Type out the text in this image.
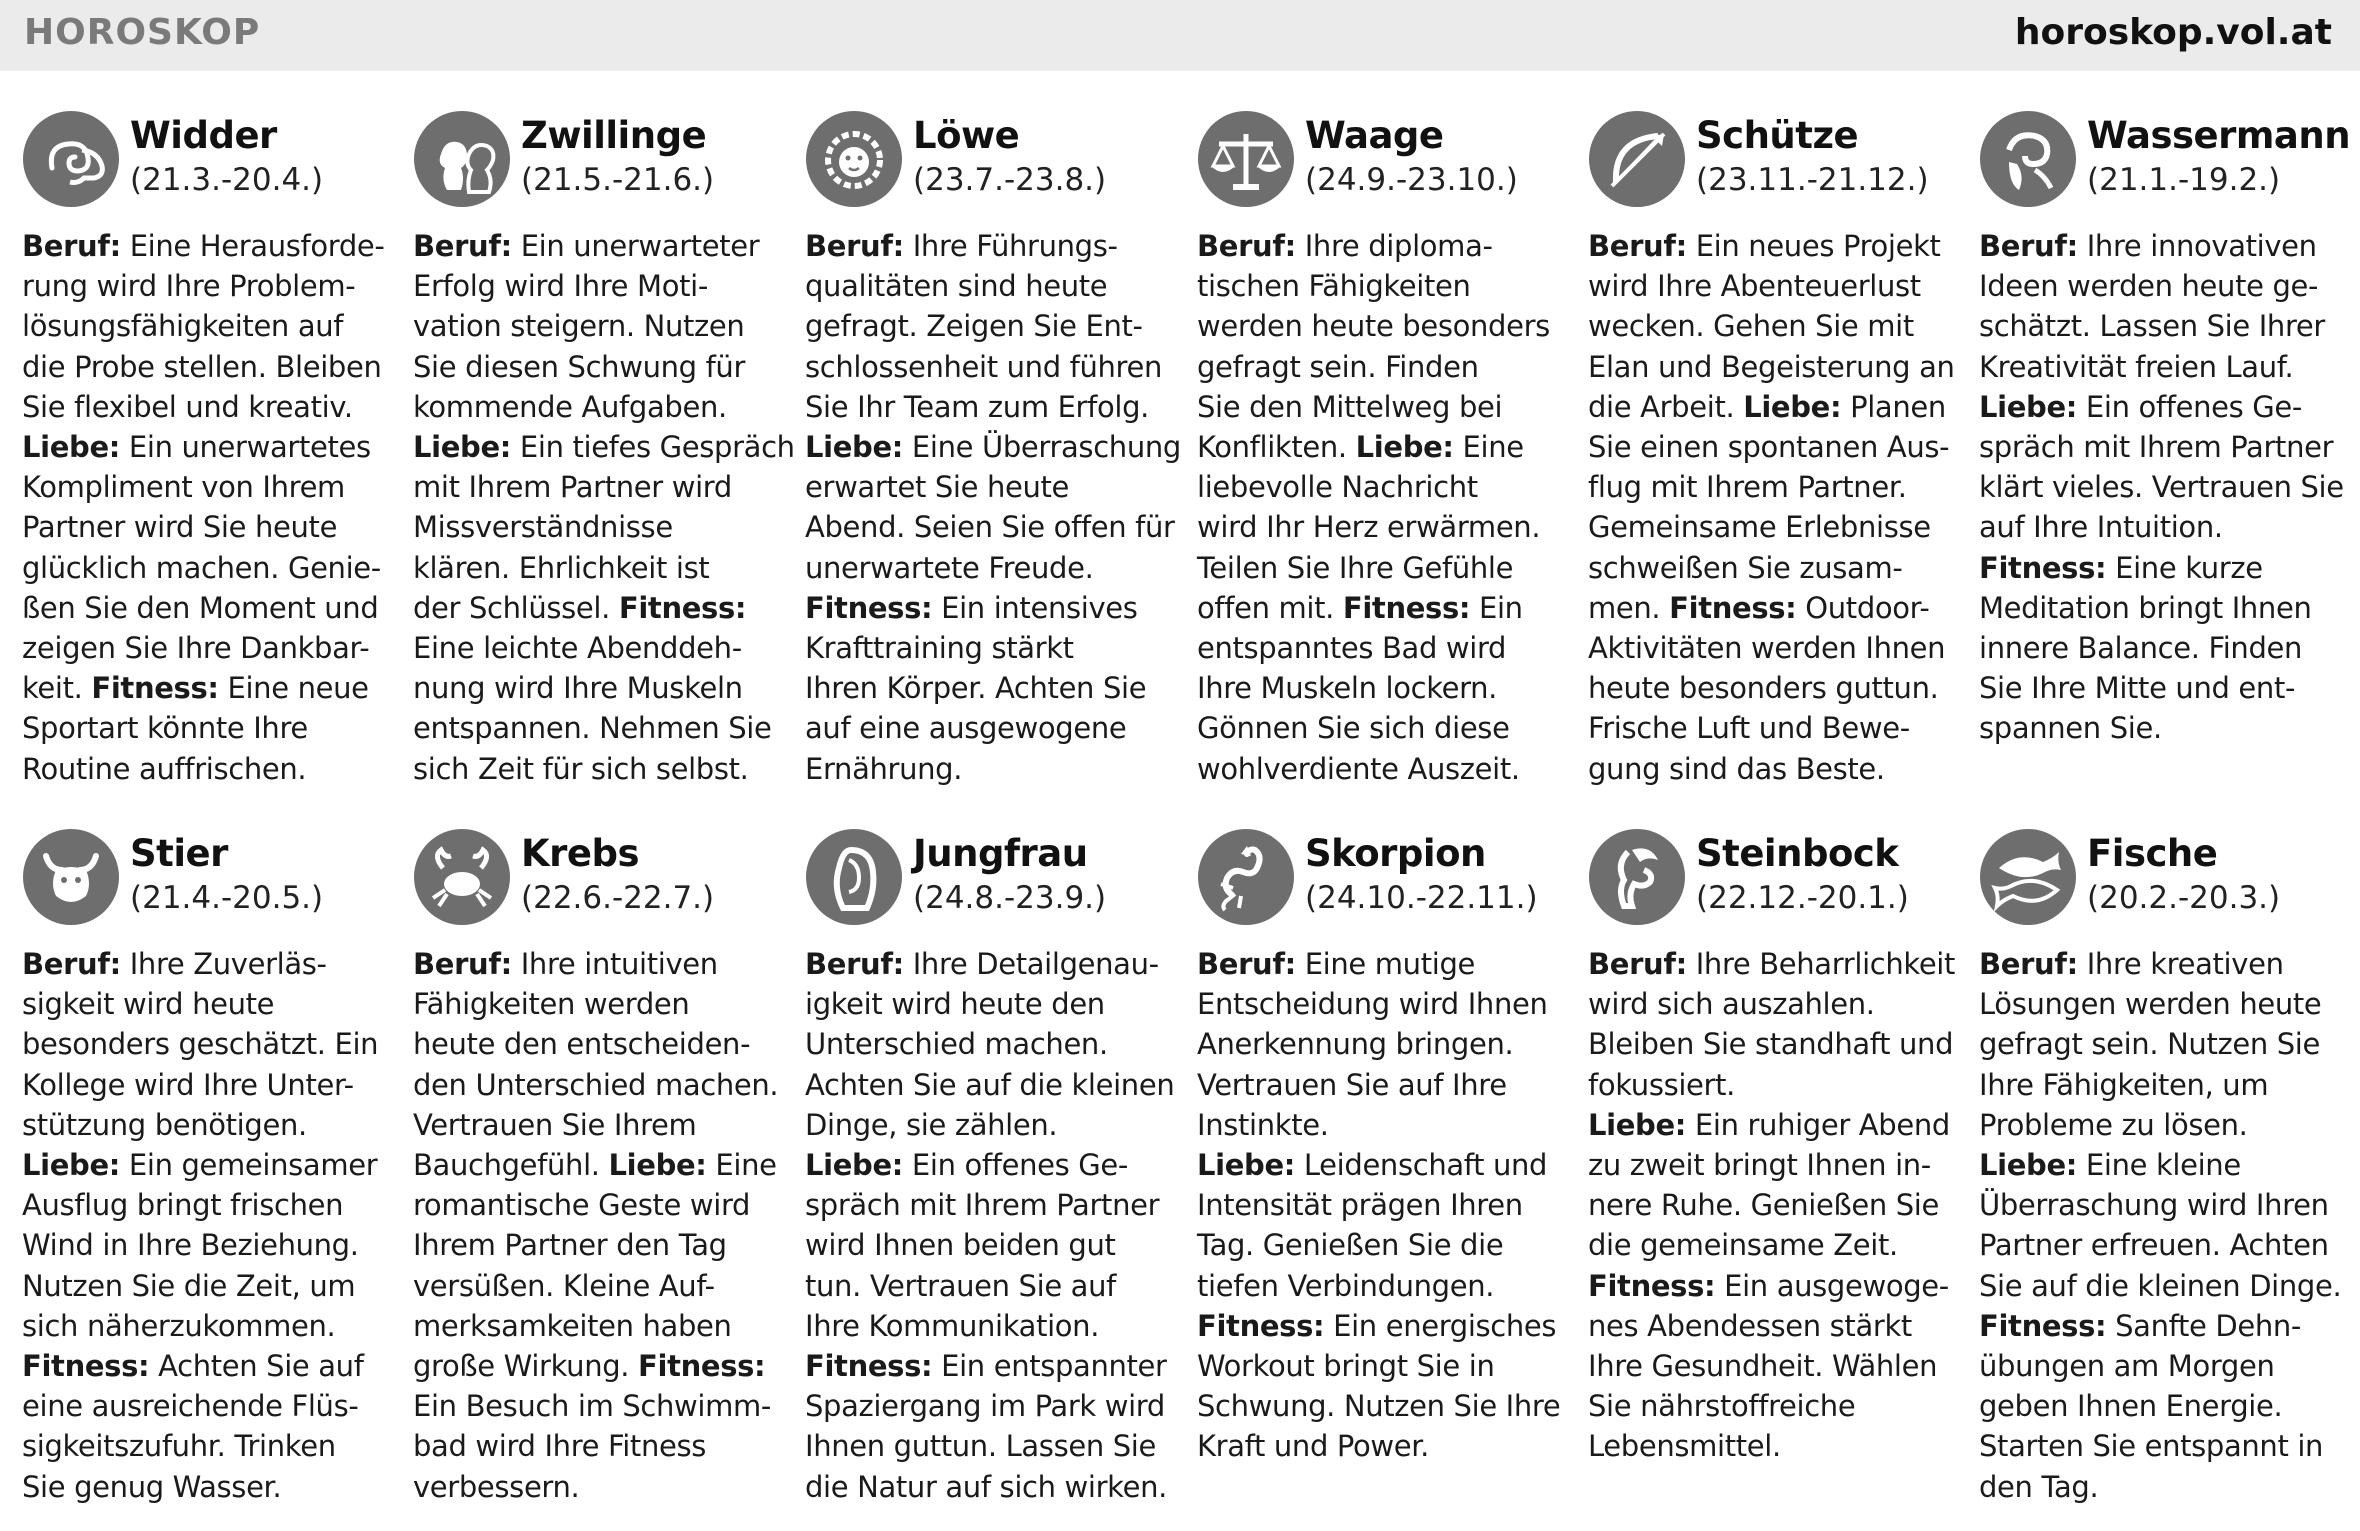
HOROSKOP	horoskop.vol.at
Widder
(21.3.-20.4.)
Beruf: Eine Herausforde-
rung wird Ihre Problem-
lösungsfähigkeiten auf
die Probe stellen. Bleiben
Sie flexibel und kreativ.
Liebe: Ein unerwartetes
Kompliment von Ihrem
Partner wird Sie heute
glücklich machen. Genie-
ßen Sie den Moment und
zeigen Sie Ihre Dankbar-
keit. Fitness: Eine neue
Sportart könnte Ihre
Routine auffrischen.
Zwillinge
(21.5.-21.6.)
Beruf: Ein unerwarteter
Erfolg wird Ihre Moti-
vation steigern. Nutzen
Sie diesen Schwung für
kommende Aufgaben.
Liebe: Ein tiefes Gespräch
mit Ihrem Partner wird
Missverständnisse
klären. Ehrlichkeit ist
der Schlüssel. Fitness:
Eine leichte Abenddeh-
nung wird Ihre Muskeln
entspannen. Nehmen Sie
sich Zeit für sich selbst.
Löwe
(23.7.-23.8.)
Beruf: Ihre Führungs-
qualitäten sind heute
gefragt. Zeigen Sie Ent-
schlossenheit und führen
Sie Ihr Team zum Erfolg.
Liebe: Eine Überraschung
erwartet Sie heute
Abend. Seien Sie offen für
unerwartete Freude.
Fitness: Ein intensives
Krafttraining stärkt
Ihren Körper. Achten Sie
auf eine ausgewogene
Ernährung.
Waage
(24.9.-23.10.)
Beruf: Ihre diploma-
tischen Fähigkeiten
werden heute besonders
gefragt sein. Finden
Sie den Mittelweg bei
Konflikten. Liebe: Eine
liebevolle Nachricht
wird Ihr Herz erwärmen.
Teilen Sie Ihre Gefühle
offen mit. Fitness: Ein
entspanntes Bad wird
Ihre Muskeln lockern.
Gönnen Sie sich diese
wohlverdiente Auszeit.
Schütze
(23.11.-21.12.)
Beruf: Ein neues Projekt
wird Ihre Abenteuerlust
wecken. Gehen Sie mit
Elan und Begeisterung an
die Arbeit. Liebe: Planen
Sie einen spontanen Aus-
flug mit Ihrem Partner.
Gemeinsame Erlebnisse
schweißen Sie zusam-
men. Fitness: Outdoor-
Aktivitäten werden Ihnen
heute besonders guttun.
Frische Luft und Bewe-
gung sind das Beste.
Wassermann
(21.1.-19.2.)
Beruf: Ihre innovativen
Ideen werden heute ge-
schätzt. Lassen Sie Ihrer
Kreativität freien Lauf.
Liebe: Ein offenes Ge-
spräch mit Ihrem Partner
klärt vieles. Vertrauen Sie
auf Ihre Intuition.
Fitness: Eine kurze
Meditation bringt Ihnen
innere Balance. Finden
Sie Ihre Mitte und ent-
spannen Sie.
Stier
(21.4.-20.5.)
Beruf: Ihre Zuverläs-
sigkeit wird heute
besonders geschätzt. Ein
Kollege wird Ihre Unter-
stützung benötigen.
Liebe: Ein gemeinsamer
Ausflug bringt frischen
Wind in Ihre Beziehung.
Nutzen Sie die Zeit, um
sich näherzukommen.
Fitness: Achten Sie auf
eine ausreichende Flüs-
sigkeitszufuhr. Trinken
Sie genug Wasser.
Krebs
(22.6.-22.7.)
Beruf: Ihre intuitiven
Fähigkeiten werden
heute den entscheiden-
den Unterschied machen.
Vertrauen Sie Ihrem
Bauchgefühl. Liebe: Eine
romantische Geste wird
Ihrem Partner den Tag
versüßen. Kleine Auf-
merksamkeiten haben
große Wirkung. Fitness:
Ein Besuch im Schwimm-
bad wird Ihre Fitness
verbessern.
Jungfrau
(24.8.-23.9.)
Beruf: Ihre Detailgenau-
igkeit wird heute den
Unterschied machen.
Achten Sie auf die kleinen
Dinge, sie zählen.
Liebe: Ein offenes Ge-
spräch mit Ihrem Partner
wird Ihnen beiden gut
tun. Vertrauen Sie auf
Ihre Kommunikation.
Fitness: Ein entspannter
Spaziergang im Park wird
Ihnen guttun. Lassen Sie
die Natur auf sich wirken.
Skorpion
(24.10.-22.11.)
Beruf: Eine mutige
Entscheidung wird Ihnen
Anerkennung bringen.
Vertrauen Sie auf Ihre
Instinkte.
Liebe: Leidenschaft und
Intensität prägen Ihren
Tag. Genießen Sie die
tiefen Verbindungen.
Fitness: Ein energisches
Workout bringt Sie in
Schwung. Nutzen Sie Ihre
Kraft und Power.
Steinbock
(22.12.-20.1.)
Beruf: Ihre Beharrlichkeit
wird sich auszahlen.
Bleiben Sie standhaft und
fokussiert.
Liebe: Ein ruhiger Abend
zu zweit bringt Ihnen in-
nere Ruhe. Genießen Sie
die gemeinsame Zeit.
Fitness: Ein ausgewoge-
nes Abendessen stärkt
Ihre Gesundheit. Wählen
Sie nährstoffreiche
Lebensmittel.
Fische
(20.2.-20.3.)
Beruf: Ihre kreativen
Lösungen werden heute
gefragt sein. Nutzen Sie
Ihre Fähigkeiten, um
Probleme zu lösen.
Liebe: Eine kleine
Überraschung wird Ihren
Partner erfreuen. Achten
Sie auf die kleinen Dinge.
Fitness: Sanfte Dehn-
übungen am Morgen
geben Ihnen Energie.
Starten Sie entspannt in
den Tag.
